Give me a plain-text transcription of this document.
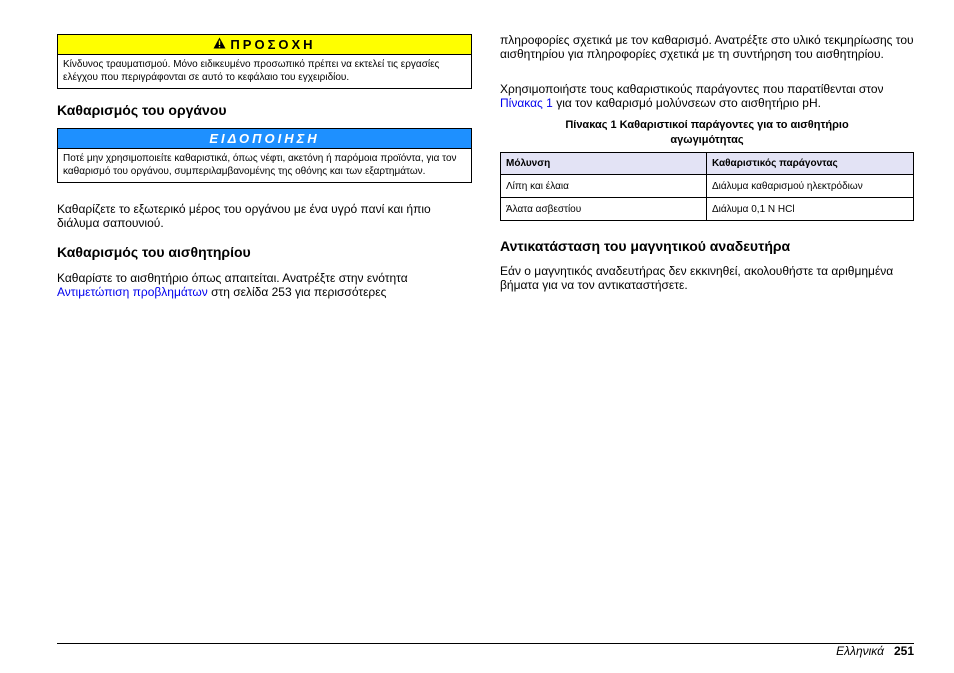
ΠΡΟΣΟΧΗ
Κίνδυνος τραυματισμού. Μόνο ειδικευμένο προσωπικό πρέπει να εκτελεί τις εργασίες ελέγχου που περιγράφονται σε αυτό το κεφάλαιο του εγχειριδίου.
Καθαρισμός του οργάνου
ΕΙΔΟΠΟΙΗΣΗ
Ποτέ μην χρησιμοποιείτε καθαριστικά, όπως νέφτι, ακετόνη ή παρόμοια προϊόντα, για τον καθαρισμό του οργάνου, συμπεριλαμβανομένης της οθόνης και των εξαρτημάτων.
Καθαρίζετε το εξωτερικό μέρος του οργάνου με ένα υγρό πανί και ήπιο διάλυμα σαπουνιού.
Καθαρισμός του αισθητηρίου
Καθαρίστε το αισθητήριο όπως απαιτείται. Ανατρέξτε στην ενότητα
Αντιμετώπιση προβλημάτων στη σελίδα 253 για περισσότερες
πληροφορίες σχετικά με τον καθαρισμό. Ανατρέξτε στο υλικό τεκμηρίωσης του αισθητηρίου για πληροφορίες σχετικά με τη συντήρηση του αισθητηρίου.
Χρησιμοποιήστε τους καθαριστικούς παράγοντες που παρατίθενται στον
Πίνακας 1 για τον καθαρισμό μολύνσεων στο αισθητήριο pH.
Πίνακας 1 Καθαριστικοί παράγοντες για το αισθητήριο
αγωγιμότητας
Μόλυνση	Καθαριστικός παράγοντας
Λίπη και έλαια	Διάλυμα καθαρισμού ηλεκτρόδιων
Άλατα ασβεστίου	Διάλυμα 0,1 N HCl
Αντικατάσταση του μαγνητικού αναδευτήρα
Εάν ο μαγνητικός αναδευτήρας δεν εκκινηθεί, ακολουθήστε τα αριθμημένα βήματα για να τον αντικαταστήσετε.
Ελληνικά 251
